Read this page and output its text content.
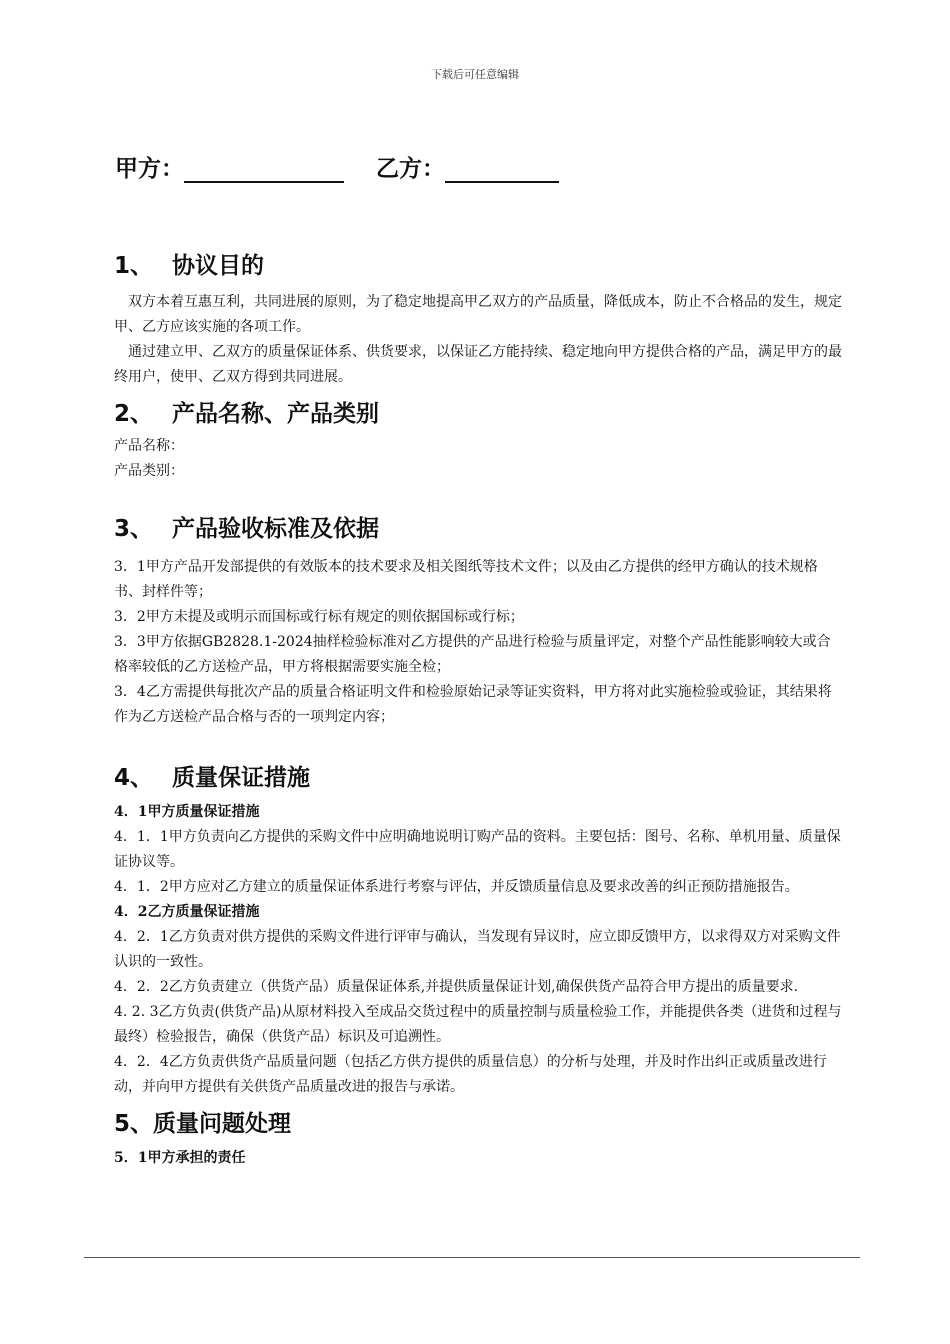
下载后可任意编辑
甲方：	乙方：
1、 协议目的

双方本着互惠互利，共同进展的原则，为了稳定地提高甲乙双方的产品质量，降低成本，防止不合格品的发生，规定甲、乙方应该实施的各项工作。

通过建立甲、乙双方的质量保证体系、供货要求，以保证乙方能持续、稳定地向甲方提供合格的产品，满足甲方的最终用户，使甲、乙双方得到共同进展。

2、 产品名称、产品类别

产品名称：

产品类别：

3、 产品验收标准及依据

3．1甲方产品开发部提供的有效版本的技术要求及相关图纸等技术文件；以及由乙方提供的经甲方确认的技术规格书、封样件等；

3．2甲方未提及或明示而国标或行标有规定的则依据国标或行标；

3．3甲方依据GB2828.1-2024抽样检验标准对乙方提供的产品进行检验与质量评定，对整个产品性能影响较大或合格率较低的乙方送检产品，甲方将根据需要实施全检；

3．4乙方需提供每批次产品的质量合格证明文件和检验原始记录等证实资料，甲方将对此实施检验或验证，其结果将作为乙方送检产品合格与否的一项判定内容；

4、 质量保证措施

4．1甲方质量保证措施

4．1．1甲方负责向乙方提供的采购文件中应明确地说明订购产品的资料。主要包括：图号、名称、单机用量、质量保证协议等。

4．1．2甲方应对乙方建立的质量保证体系进行考察与评估，并反馈质量信息及要求改善的纠正预防措施报告。

4．2乙方质量保证措施

4．2．1乙方负责对供方提供的采购文件进行评审与确认，当发现有异议时，应立即反馈甲方，以求得双方对采购文件认识的一致性。

4．2．2乙方负责建立（供货产品）质量保证体系,并提供质量保证计划,确保供货产品符合甲方提出的质量要求.

4. 2. 3乙方负责(供货产品)从原材料投入至成品交货过程中的质量控制与质量检验工作，并能提供各类（进货和过程与最终）检验报告，确保（供货产品）标识及可追溯性。

4．2．4乙方负责供货产品质量问题（包括乙方供方提供的质量信息）的分析与处理，并及时作出纠正或质量改进行动，并向甲方提供有关供货产品质量改进的报告与承诺。

5、质量问题处理

5．1甲方承担的责任
